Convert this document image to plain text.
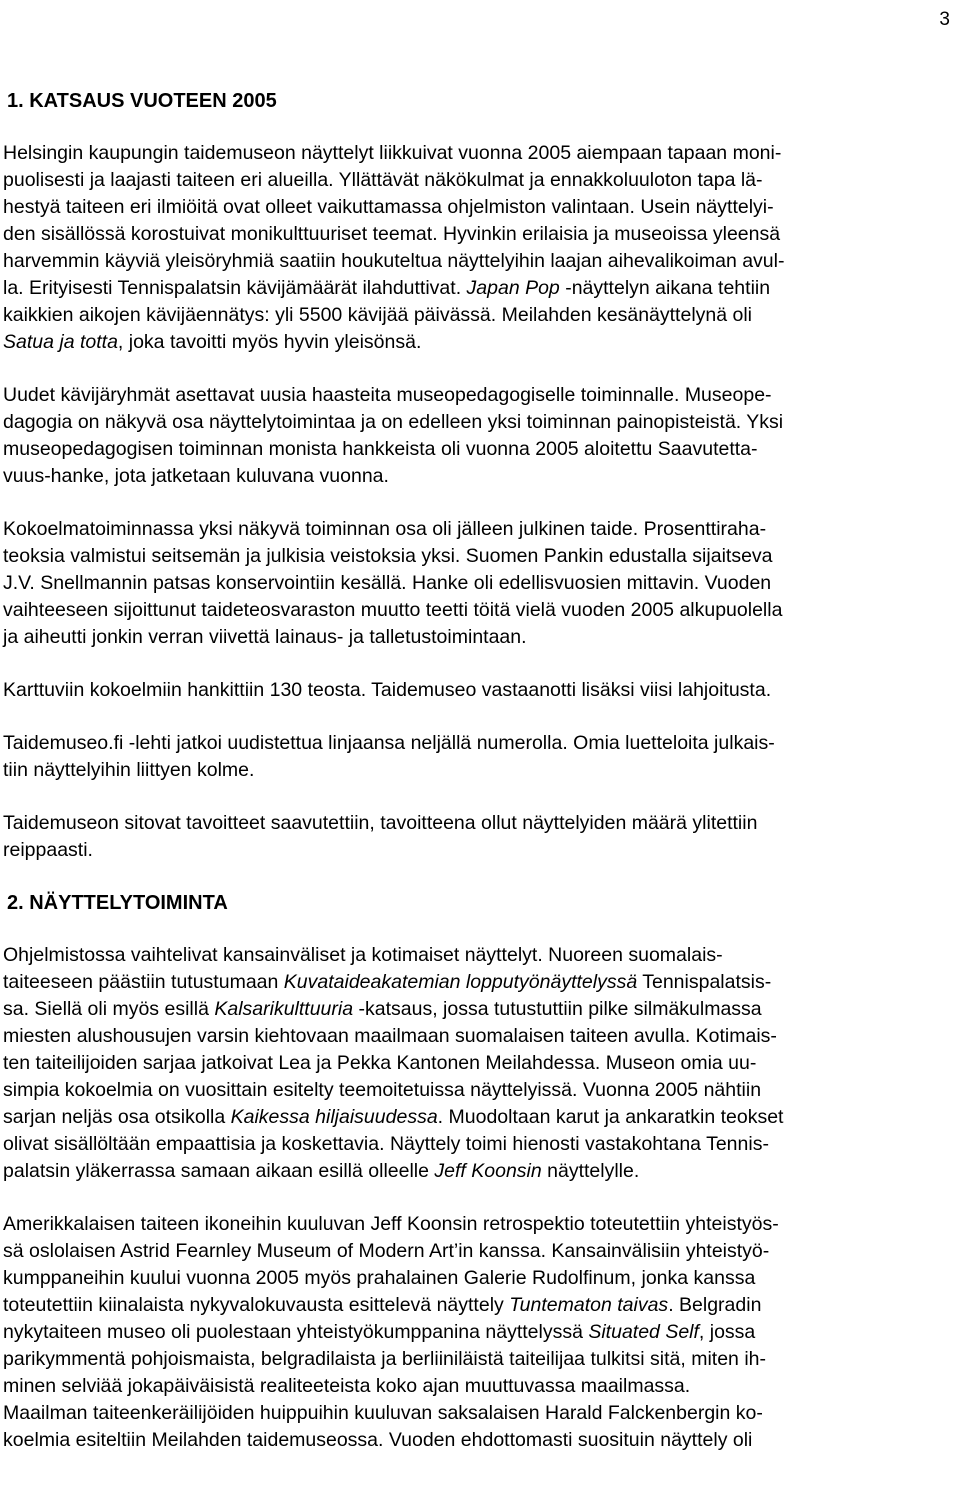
3
1. KATSAUS VUOTEEN 2005

Helsingin kaupungin taidemuseon näyttelyt liikkuivat vuonna 2005 aiempaan tapaan moni-
puolisesti ja laajasti taiteen eri alueilla. Yllättävät näkökulmat ja ennakkoluuloton tapa lä-
hestyä taiteen eri ilmiöitä ovat olleet vaikuttamassa ohjelmiston valintaan. Usein näyttelyi-
den sisällössä korostuivat monikulttuuriset teemat. Hyvinkin erilaisia ja museoissa yleensä
harvemmin käyviä yleisöryhmiä saatiin houkuteltua näyttelyihin laajan aihevalikoiman avul-
la. Erityisesti Tennispalatsin kävijämäärät ilahduttivat. Japan Pop -näyttelyn aikana tehtiin
kaikkien aikojen kävijäennätys: yli 5500 kävijää päivässä. Meilahden kesänäyttelynä oli
Satua ja totta, joka tavoitti myös hyvin yleisönsä.

Uudet kävijäryhmät asettavat uusia haasteita museopedagogiselle toiminnalle. Museope-
dagogia on näkyvä osa näyttelytoimintaa ja on edelleen yksi toiminnan painopisteistä. Yksi
museopedagogisen toiminnan monista hankkeista oli vuonna 2005 aloitettu Saavutetta-
vuus-hanke, jota jatketaan kuluvana vuonna.

Kokoelmatoiminnassa yksi näkyvä toiminnan osa oli jälleen julkinen taide. Prosenttiraha-
teoksia valmistui seitsemän ja julkisia veistoksia yksi. Suomen Pankin edustalla sijaitseva
J.V. Snellmannin patsas konservointiin kesällä. Hanke oli edellisvuosien mittavin. Vuoden
vaihteeseen sijoittunut taideteosvaraston muutto teetti töitä vielä vuoden 2005 alkupuolella
ja aiheutti jonkin verran viivettä lainaus- ja talletustoimintaan.

Karttuviin kokoelmiin hankittiin 130 teosta. Taidemuseo vastaanotti lisäksi viisi lahjoitusta.

Taidemuseo.fi -lehti jatkoi uudistettua linjaansa neljällä numerolla. Omia luetteloita julkais-
tiin näyttelyihin liittyen kolme.

Taidemuseon sitovat tavoitteet saavutettiin, tavoitteena ollut näyttelyiden määrä ylitettiin
reippaasti.

2. NÄYTTELYTOIMINTA

Ohjelmistossa vaihtelivat kansainväliset ja kotimaiset näyttelyt. Nuoreen suomalais-
taiteeseen päästiin tutustumaan Kuvataideakatemian lopputyönäyttelyssä Tennispalatsis-
sa. Siellä oli myös esillä Kalsarikulttuuria -katsaus, jossa tutustuttiin pilke silmäkulmassa
miesten alushousujen varsin kiehtovaan maailmaan suomalaisen taiteen avulla. Kotimais-
ten taiteilijoiden sarjaa jatkoivat Lea ja Pekka Kantonen Meilahdessa. Museon omia uu-
simpia kokoelmia on vuosittain esitelty teemoitetuissa näyttelyissä. Vuonna 2005 nähtiin
sarjan neljäs osa otsikolla Kaikessa hiljaisuudessa. Muodoltaan karut ja ankaratkin teokset
olivat sisällöltään empaattisia ja koskettavia. Näyttely toimi hienosti vastakohtana Tennis-
palatsin yläkerrassa samaan aikaan esillä olleelle Jeff Koonsin näyttelylle.

Amerikkalaisen taiteen ikoneihin kuuluvan Jeff Koonsin retrospektio toteutettiin yhteistyös-
sä oslolaisen Astrid Fearnley Museum of Modern Art’in kanssa. Kansainvälisiin yhteistyö-
kumppaneihin kuului vuonna 2005 myös prahalainen Galerie Rudolfinum, jonka kanssa
toteutettiin kiinalaista nykyvalokuvausta esittelevä näyttely Tuntematon taivas. Belgradin
nykytaiteen museo oli puolestaan yhteistyökumppanina näyttelyssä Situated Self, jossa
parikymmentä pohjoismaista, belgradilaista ja berliiniläistä taiteilijaa tulkitsi sitä, miten ih-
minen selviää jokapäiväisistä realiteeteista koko ajan muuttuvassa maailmassa.
Maailman taiteenkeräilijöiden huippuihin kuuluvan saksalaisen Harald Falckenbergin ko-
koelmia esiteltiin Meilahden taidemuseossa. Vuoden ehdottomasti suosituin näyttely oli
